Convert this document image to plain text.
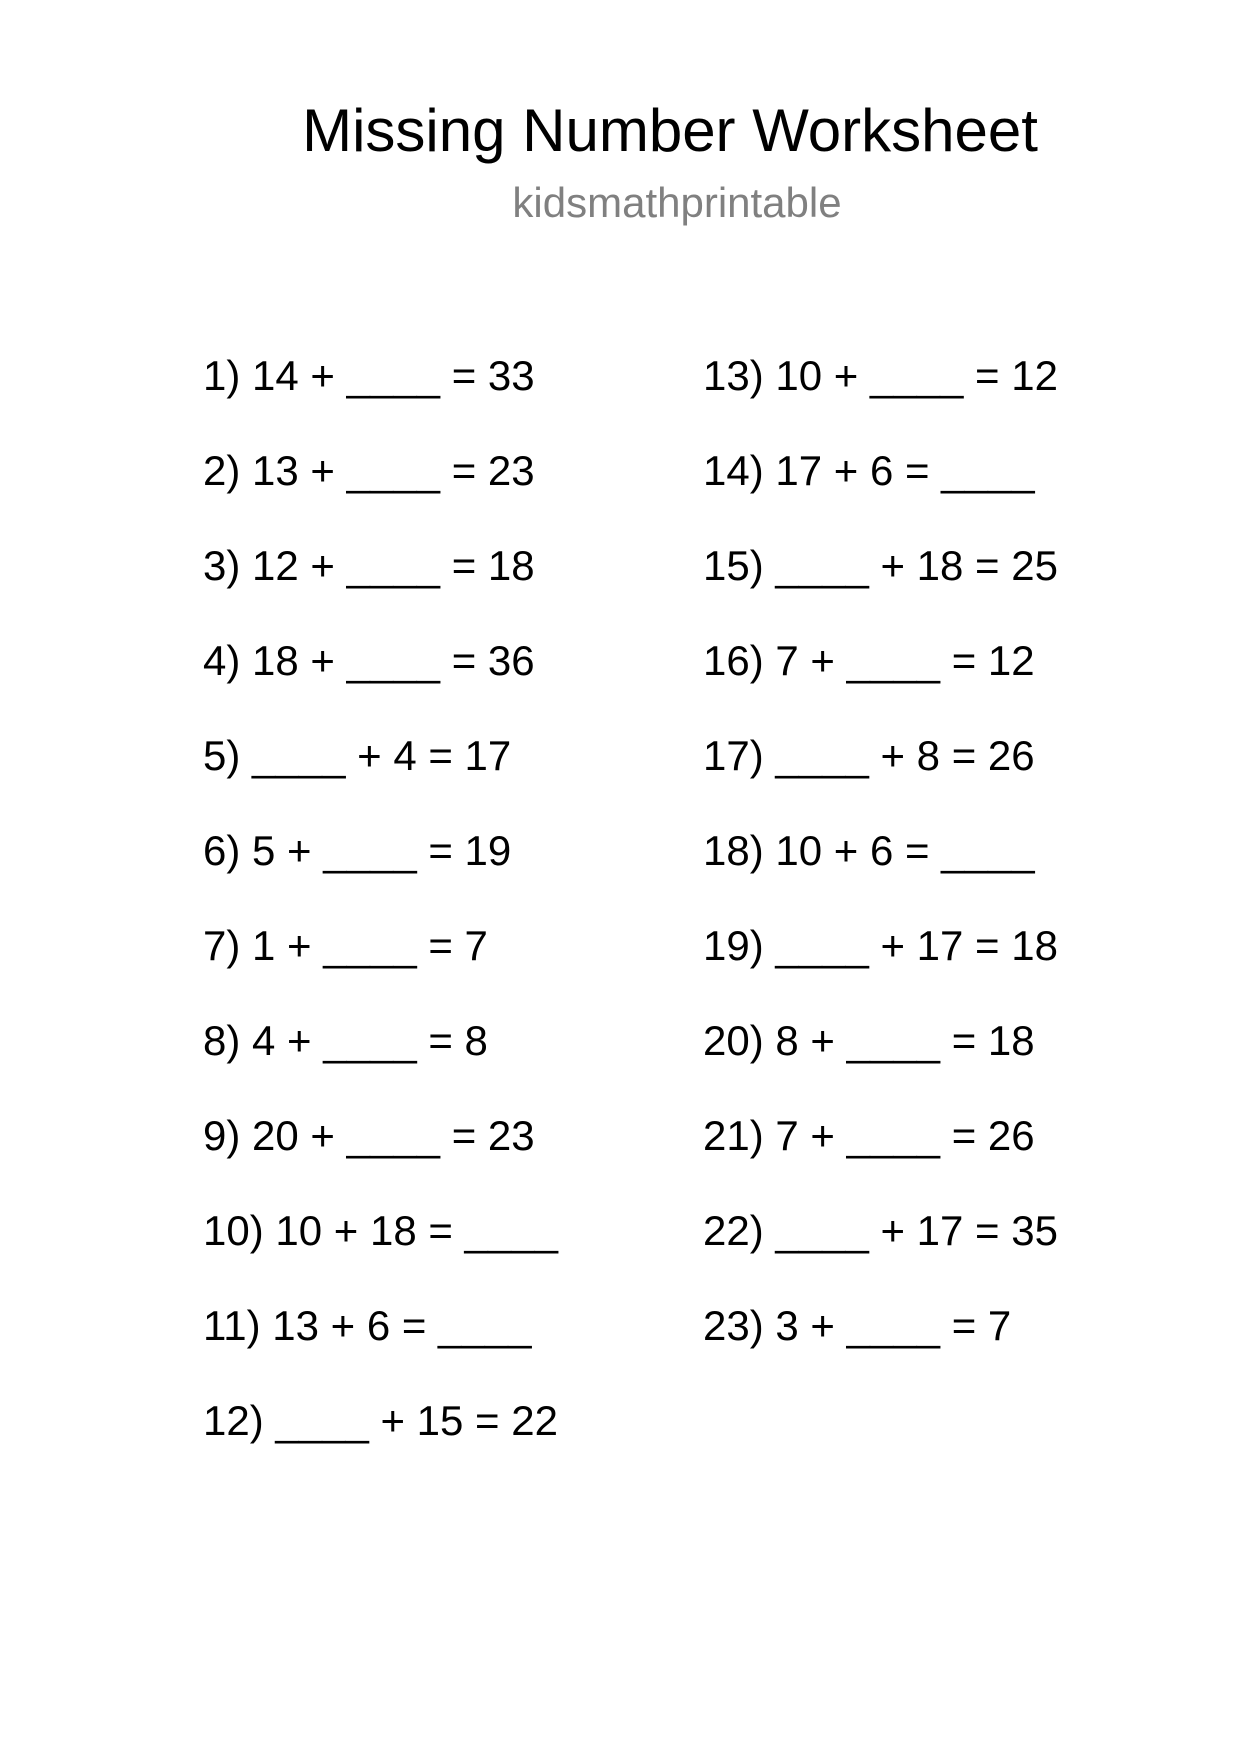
Missing Number Worksheet
kidsmathprintable
1) 14 + ____ = 33
2) 13 + ____ = 23
3) 12 + ____ = 18
4) 18 + ____ = 36
5) ____ + 4 = 17
6) 5 + ____ = 19
7) 1 + ____ = 7
8) 4 + ____ = 8
9) 20 + ____ = 23
10) 10 + 18 = ____
11) 13 + 6 = ____
12) ____ + 15 = 22
13) 10 + ____ = 12
14) 17 + 6 = ____
15) ____ + 18 = 25
16) 7 + ____ = 12
17) ____ + 8 = 26
18) 10 + 6 = ____
19) ____ + 17 = 18
20) 8 + ____ = 18
21) 7 + ____ = 26
22) ____ + 17 = 35
23) 3 + ____ = 7
